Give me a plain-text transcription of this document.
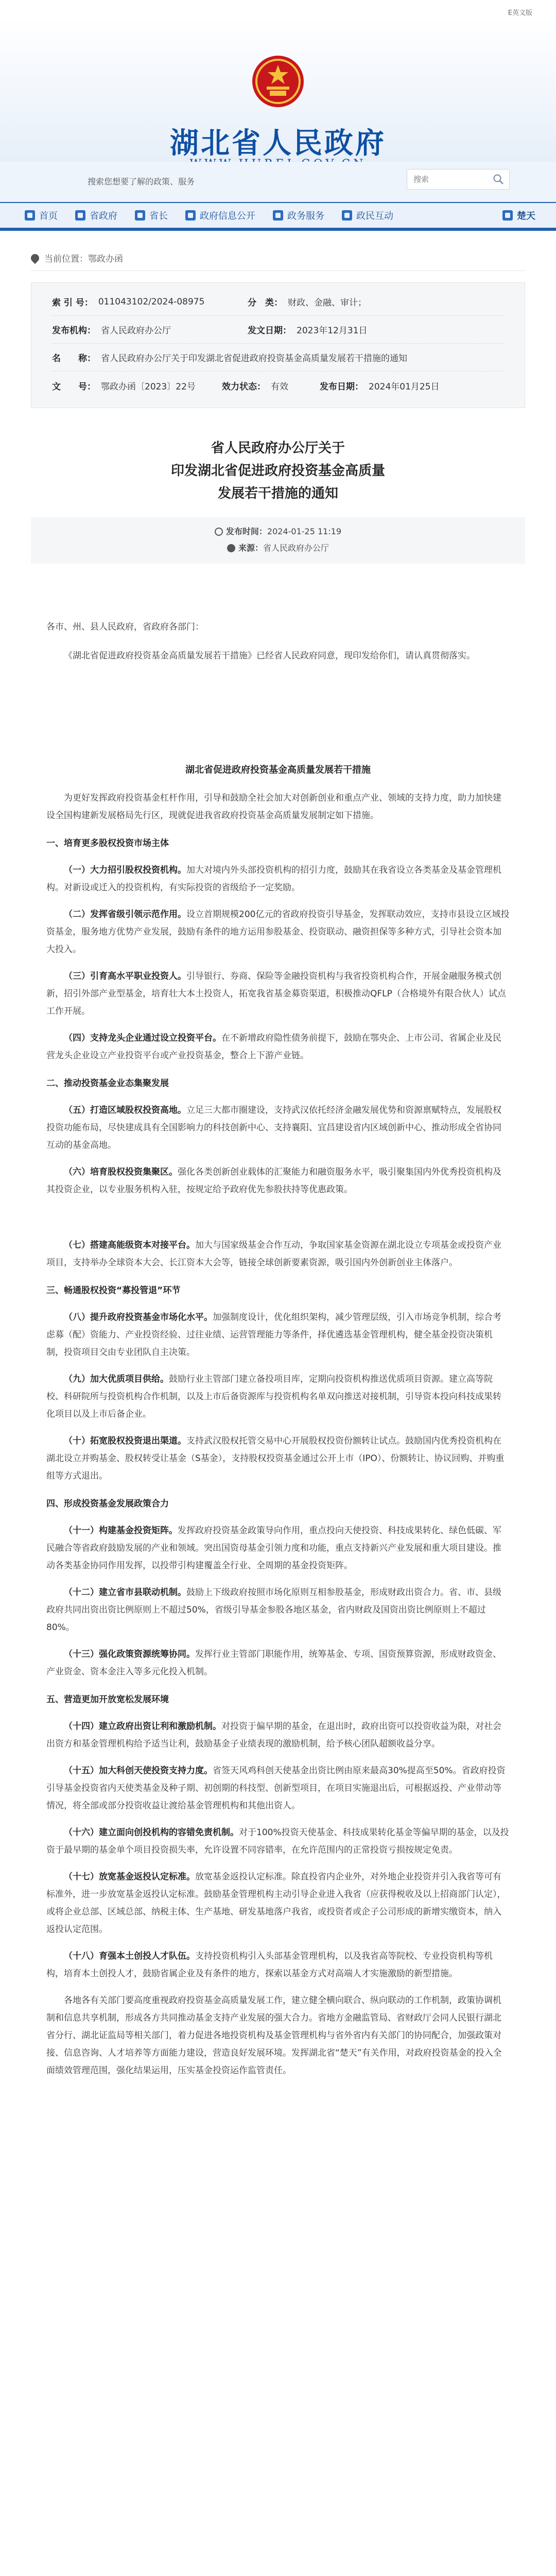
E英文版
湖北省人民政府
搜索您想要了解的政策、服务
搜索
首页	省政府	省长	政府信息公开	政务服务	政民互动	楚天
当前位置：鄂政办函
索 引 号： 011043102/2024-08975	分　类： 财政、金融、审计；
发布机构： 省人民政府办公厅	发文日期： 2023年12月31日
名　　称： 省人民政府办公厅关于印发湖北省促进政府投资基金高质量发展若干措施的通知
文　　号： 鄂政办函〔2023〕22号	效力状态： 有效	发布日期： 2024年01月25日
省人民政府办公厅关于
印发湖北省促进政府投资基金高质量
发展若干措施的通知
发布时间：2024-01-25 11:19
来源：省人民政府办公厅

各市、州、县人民政府，省政府各部门：

《湖北省促进政府投资基金高质量发展若干措施》已经省人民政府同意，现印发给你们，请认真贯彻落实。

湖北省促进政府投资基金高质量发展若干措施

为更好发挥政府投资基金杠杆作用，引导和鼓励全社会加大对创新创业和重点产业、领域的支持力度，助力加快建设全国构建新发展格局先行区，现就促进我省政府投资基金高质量发展制定如下措施。

一、培育更多股权投资市场主体

（一）大力招引股权投资机构。加大对境内外头部投资机构的招引力度，鼓励其在我省设立各类基金及基金管理机构。对新设或迁入的投资机构，有实际投资的省级给予一定奖励。

（二）发挥省级引领示范作用。设立首期规模200亿元的省政府投资引导基金，发挥联动效应，支持市县设立区域投资基金，服务地方优势产业发展，鼓励有条件的地方运用参股基金、投资联动、融资担保等多种方式，引导社会资本加大投入。

（三）引育高水平职业投资人。引导银行、券商、保险等金融投资机构与我省投资机构合作，开展金融服务模式创新，招引外部产业型基金，培育壮大本土投资人，拓宽我省基金募资渠道，积极推动QFLP（合格境外有限合伙人）试点工作开展。

（四）支持龙头企业通过设立投资平台。在不新增政府隐性债务前提下，鼓励在鄂央企、上市公司、省属企业及民营龙头企业设立产业投资平台或产业投资基金，整合上下游产业链。

二、推动投资基金业态集聚发展

（五）打造区域股权投资高地。立足三大都市圈建设，支持武汉依托经济金融发展优势和资源禀赋特点，发展股权投资功能布局，尽快建成具有全国影响力的科技创新中心、支持襄阳、宜昌建设省内区域创新中心、推动形成全省协同互动的基金高地。

（六）培育股权投资集聚区。强化各类创新创业载体的汇聚能力和融资服务水平，吸引聚集国内外优秀投资机构及其投资企业，以专业服务机构入驻，按规定给予政府优先参股扶持等优惠政策。

（七）搭建高能级资本对接平台。加大与国家级基金合作互动，争取国家基金资源在湖北设立专项基金或投资产业项目，支持举办全球资本大会、长江资本大会等，链接全球创新要素资源，吸引国内外创新创业主体落户。

三、畅通股权投资“募投管退”环节

（八）提升政府投资基金市场化水平。加强制度设计，优化组织架构，减少管理层级，引入市场竞争机制，综合考虑募（配）资能力、产业投资经验、过往业绩、运营管理能力等条件，择优遴选基金管理机构，健全基金投资决策机制，投资项目交由专业团队自主决策。

（九）加大优质项目供给。鼓励行业主管部门建立备投项目库，定期向投资机构推送优质项目资源。建立高等院校、科研院所与投资机构合作机制，以及上市后备资源库与投资机构名单双向推送对接机制，引导资本投向科技成果转化项目以及上市后备企业。

（十）拓宽股权投资退出渠道。支持武汉股权托管交易中心开展股权投资份额转让试点。鼓励国内优秀投资机构在湖北设立并购基金、股权转受让基金（S基金），支持股权投资基金通过公开上市（IPO）、份额转让、协议回购、并购重组等方式退出。

四、形成投资基金发展政策合力

（十一）构建基金投资矩阵。发挥政府投资基金政策导向作用，重点投向天使投资、科技成果转化、绿色低碳、军民融合等省政府鼓励发展的产业和领域。突出国资母基金引领力度和功能，重点支持新兴产业发展和重大项目建设。推动各类基金协同作用发挥，以投带引构建覆盖全行业、全周期的基金投资矩阵。

（十二）建立省市县联动机制。鼓励上下级政府按照市场化原则互相参股基金，形成财政出资合力。省、市、县级政府共同出资出资比例原则上不超过50%，省级引导基金参股各地区基金，省内财政及国资出资比例原则上不超过80%。

（十三）强化政策资源统筹协同。发挥行业主管部门职能作用，统筹基金、专项、国资预算资源，形成财政资金、产业资金、资本金注入等多元化投入机制。

五、营造更加开放宽松发展环境

（十四）建立政府出资让利和激励机制。对投资于偏早期的基金，在退出时，政府出资可以投资收益为限，对社会出资方和基金管理机构给予适当让利，鼓励基金子业绩表现的激励机制，给予核心团队超额收益分享。

（十五）加大科创天使投资支持力度。省签天风鸡科创天使基金出资比例由原来最高30%提高至50%。省政府投资引导基金投资省内天使类基金及种子期、初创期的科技型、创新型项目，在项目实施退出后，可根据返投、产业带动等情况，将全部或部分投资收益让渡给基金管理机构和其他出资人。

（十六）建立面向创投机构的容错免责机制。对于100%投资天使基金、科技成果转化基金等偏早期的基金，以及投资于最早期的基金单个项目投资损失率，允许设置不同容错率，在允许范围内的正常投资亏损按规定免责。

（十七）放宽基金返投认定标准。放宽基金返投认定标准。除直投省内企业外，对外地企业投资并引入我省等可有标准外，进一步放宽基金返投认定标准。鼓励基金管理机构主动引导企业进入我省（应获得税收及以上招商部门认定），或将企业总部、区域总部、纳税主体、生产基地、研发基地落户我省，或投资者或企子公司形成的新增实缴资本，纳入返投认定范围。

（十八）育强本土创投人才队伍。支持投资机构引入头部基金管理机构，以及我省高等院校、专业投资机构等机构，培育本土创投人才，鼓励省属企业及有条件的地方，探索以基金方式对高端人才实施激励的新型措施。

各地各有关部门要高度重视政府投资基金高质量发展工作，建立健全横向联合、纵向联动的工作机制，政策协调机制和信息共享机制，形成各方共同推动基金支持产业发展的强大合力。省地方金融监管局、省财政厅会同人民银行湖北省分行、湖北证监局等相关部门，着力促进各地投资机构及基金管理机构与省外省内有关部门的协同配合，加强政策对接、信息咨询、人才培养等方面能力建设，营造良好发展环境。发挥湖北省“楚天”有关作用，对政府投资基金的投入全面绩效管理范围，强化结果运用，压实基金投资运作监管责任。
